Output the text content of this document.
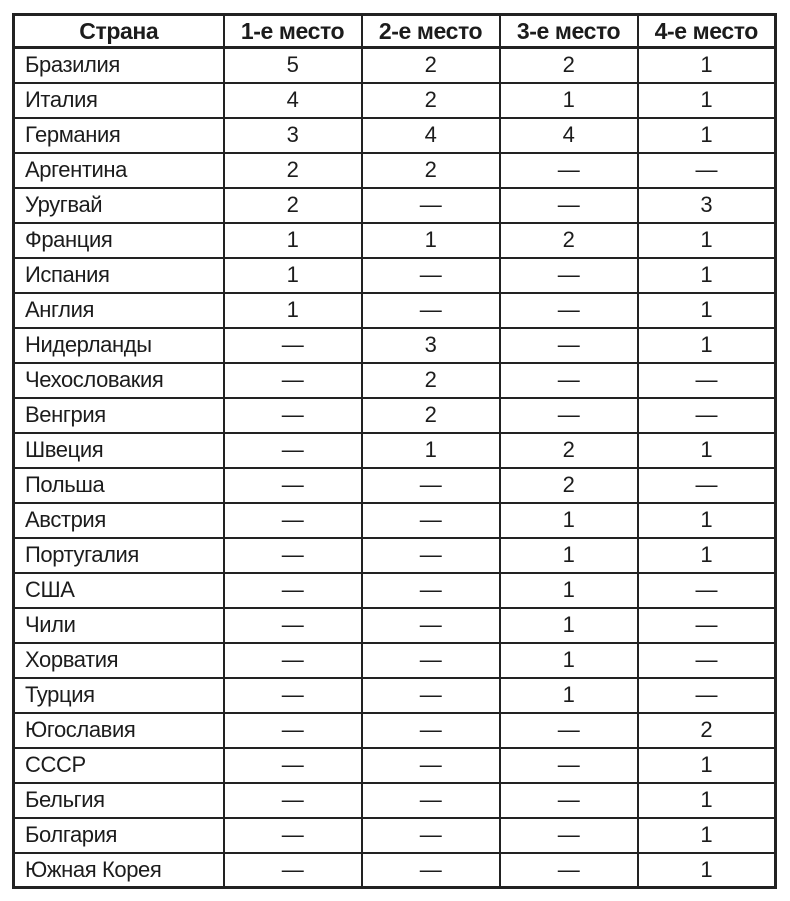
Страна	1-е место	2-е место	3-е место	4-е место
Бразилия	5	2	2	1
Италия	4	2	1	1
Германия	3	4	4	1
Аргентина	2	2	—	—
Уругвай	2	—	—	3
Франция	1	1	2	1
Испания	1	—	—	1
Англия	1	—	—	1
Нидерланды	—	3	—	1
Чехословакия	—	2	—	—
Венгрия	—	2	—	—
Швеция	—	1	2	1
Польша	—	—	2	—
Австрия	—	—	1	1
Португалия	—	—	1	1
США	—	—	1	—
Чили	—	—	1	—
Хорватия	—	—	1	—
Турция	—	—	1	—
Югославия	—	—	—	2
СССР	—	—	—	1
Бельгия	—	—	—	1
Болгария	—	—	—	1
Южная Корея	—	—	—	1
